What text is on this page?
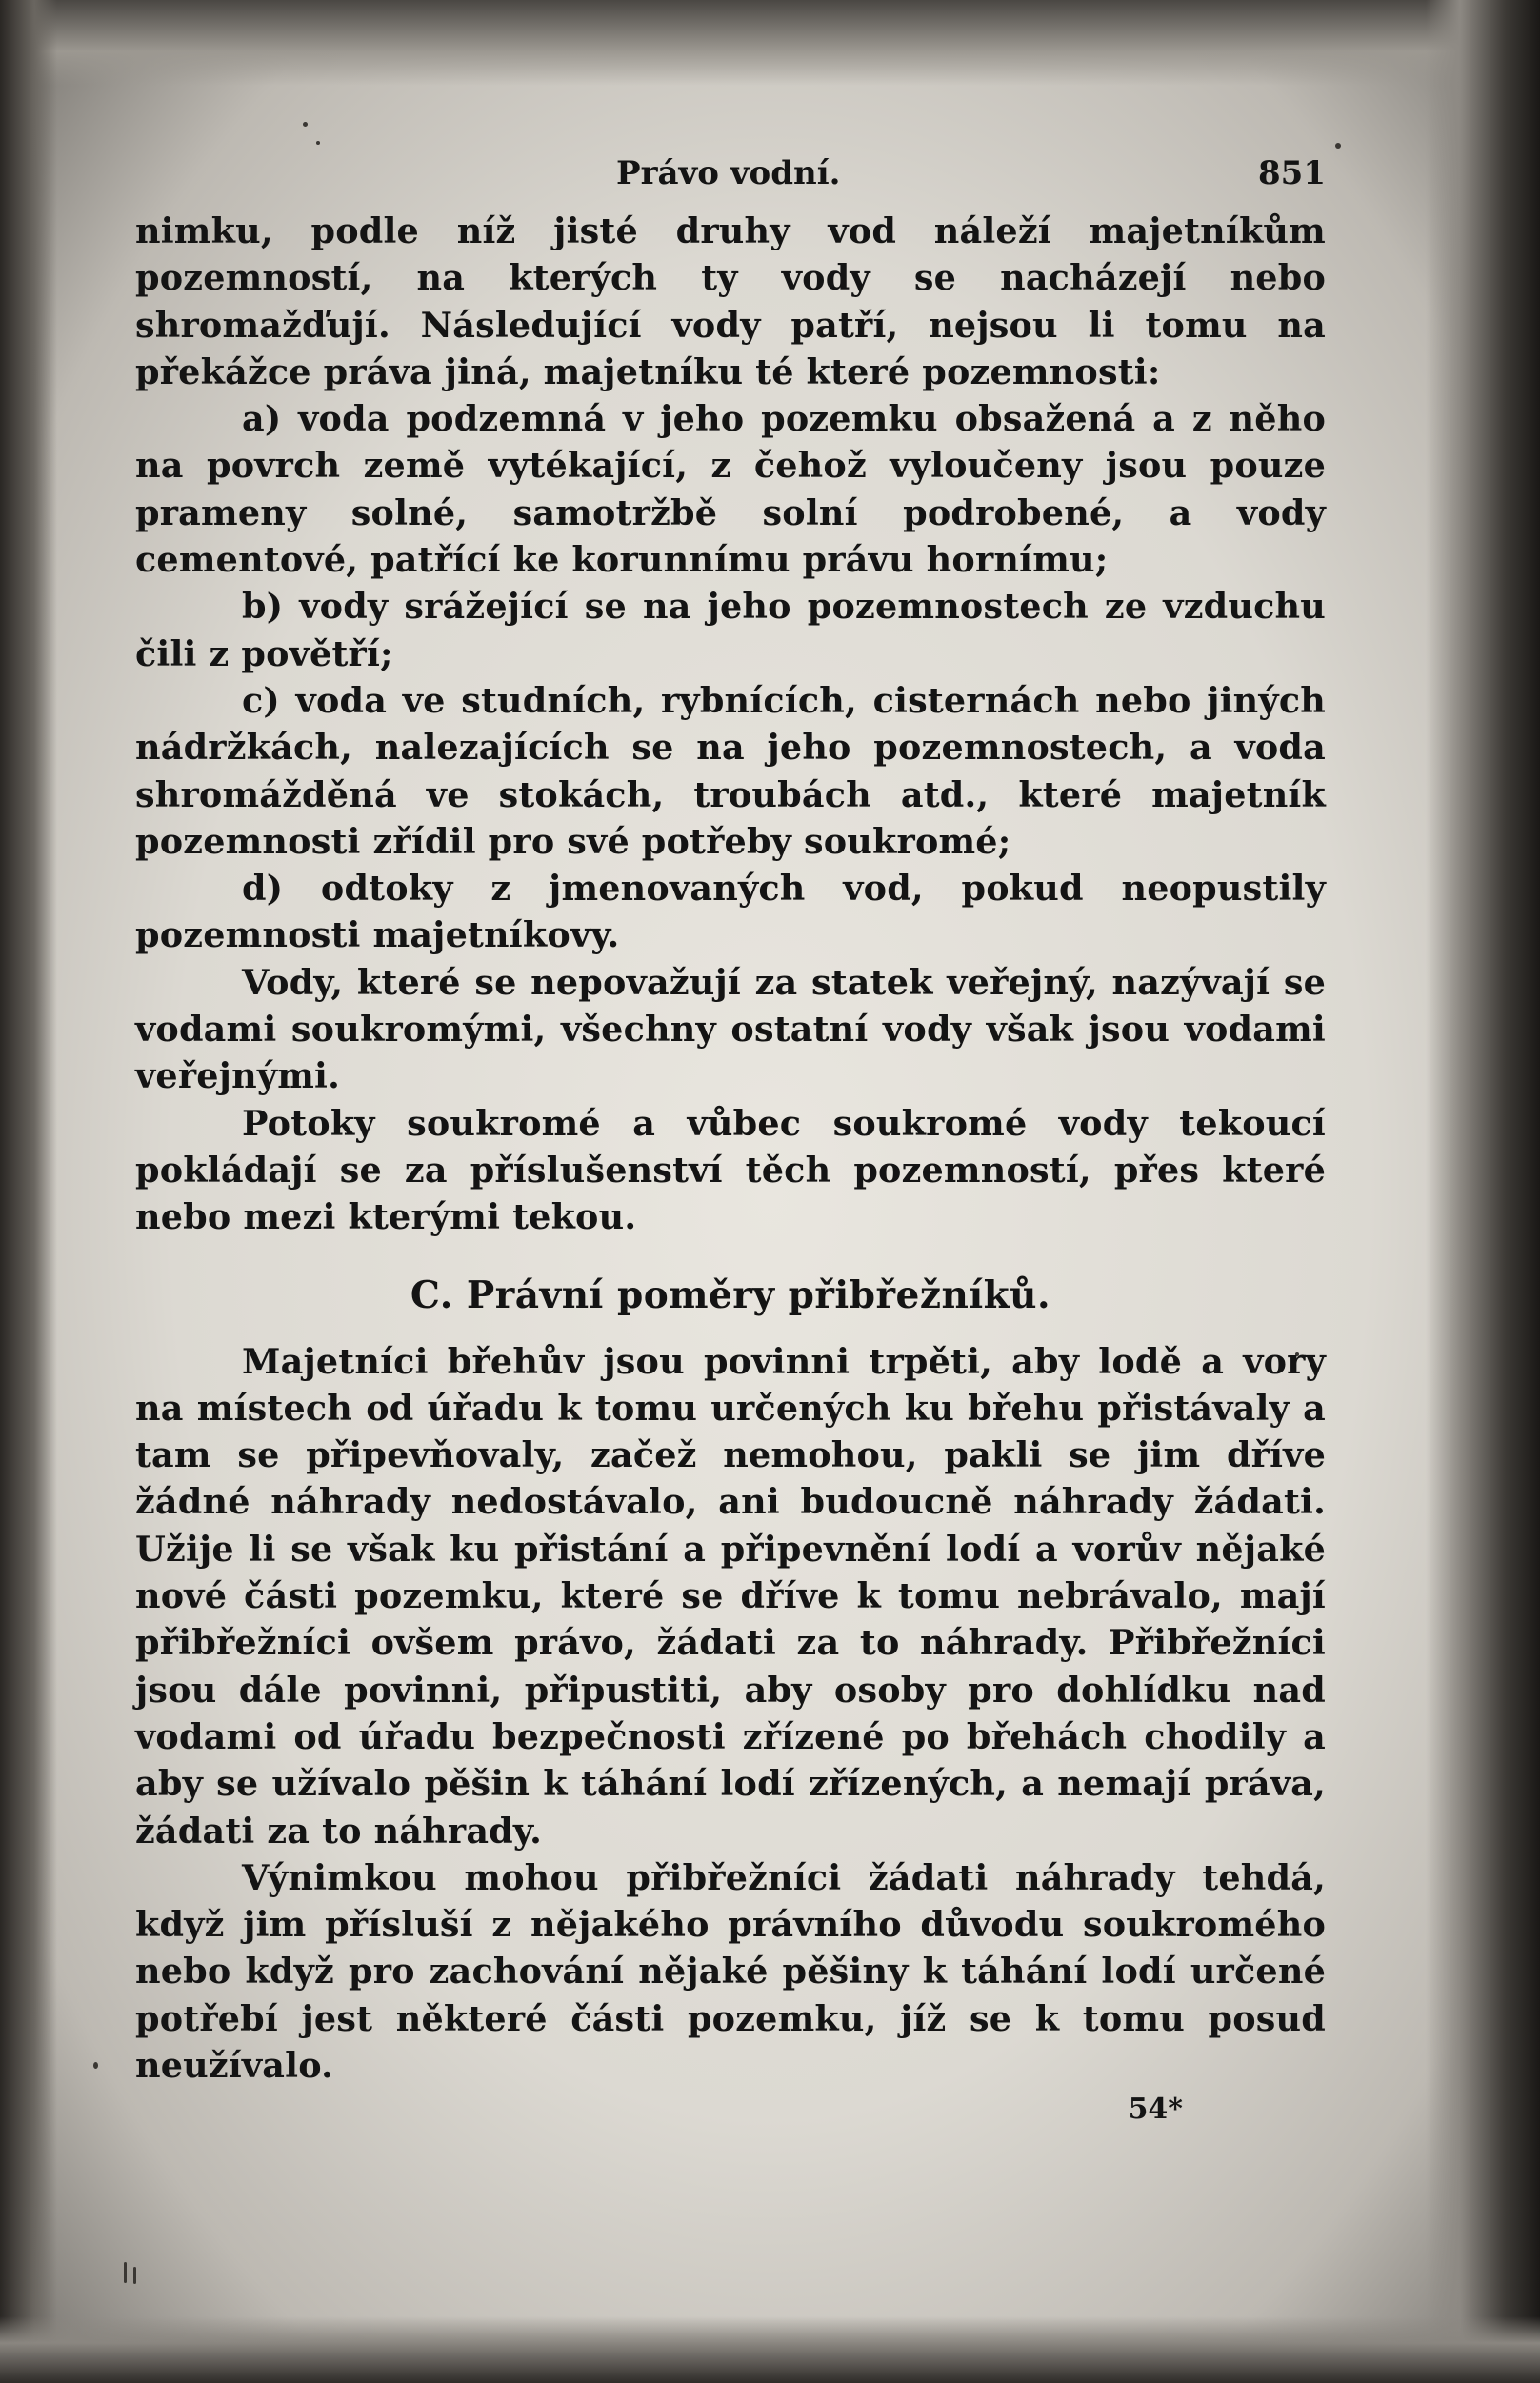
Právo vodní.	851

nimku, podle níž jisté druhy vod náleží majetníkům pozemností, na kterých ty vody se nacházejí nebo shromažďují. Následující vody patří, nejsou li tomu na překážce práva jiná, majetníku té které pozemnosti:

a) voda podzemná v jeho pozemku obsažená a z něho na povrch země vytékající, z čehož vyloučeny jsou pouze prameny solné, samotržbě solní podrobené, a vody cementové, patřící ke korunnímu právu hornímu;

b) vody srážející se na jeho pozemnostech ze vzduchu čili z povětří;

c) voda ve studních, rybnících, cisternách nebo jiných nádržkách, nalezajících se na jeho pozemnostech, a voda shromážděná ve stokách, troubách atd., které majetník pozemnosti zřídil pro své potřeby soukromé;

d) odtoky z jmenovaných vod, pokud neopustily pozemnosti majetníkovy.

Vody, které se nepovažují za statek veřejný, nazývají se vodami soukromými, všechny ostatní vody však jsou vodami veřejnými.

Potoky soukromé a vůbec soukromé vody tekoucí pokládají se za příslušenství těch pozemností, přes které nebo mezi kterými tekou.

C. Právní poměry přibřežníků.

Majetníci břehův jsou povinni trpěti, aby lodě a vory na místech od úřadu k tomu určených ku břehu přistávaly a tam se připevňovaly, začež nemohou, pakli se jim dříve žádné náhrady nedostávalo, ani budoucně náhrady žádati. Užije li se však ku přistání a připevnění lodí a vorův nějaké nové části pozemku, které se dříve k tomu nebrávalo, mají přibřežníci ovšem právo, žádati za to náhrady. Přibřežníci jsou dále povinni, připustiti, aby osoby pro dohlídku nad vodami od úřadu bezpečnosti zřízené po břehách chodily a aby se užívalo pěšin k táhání lodí zřízených, a nemají práva, žádati za to náhrady.

Výnimkou mohou přibřežníci žádati náhrady tehdá, když jim přísluší z nějakého právního důvodu soukromého nebo když pro zachování nějaké pěšiny k táhání lodí určené potřebí jest některé části pozemku, jíž se k tomu posud neužívalo.

54*
